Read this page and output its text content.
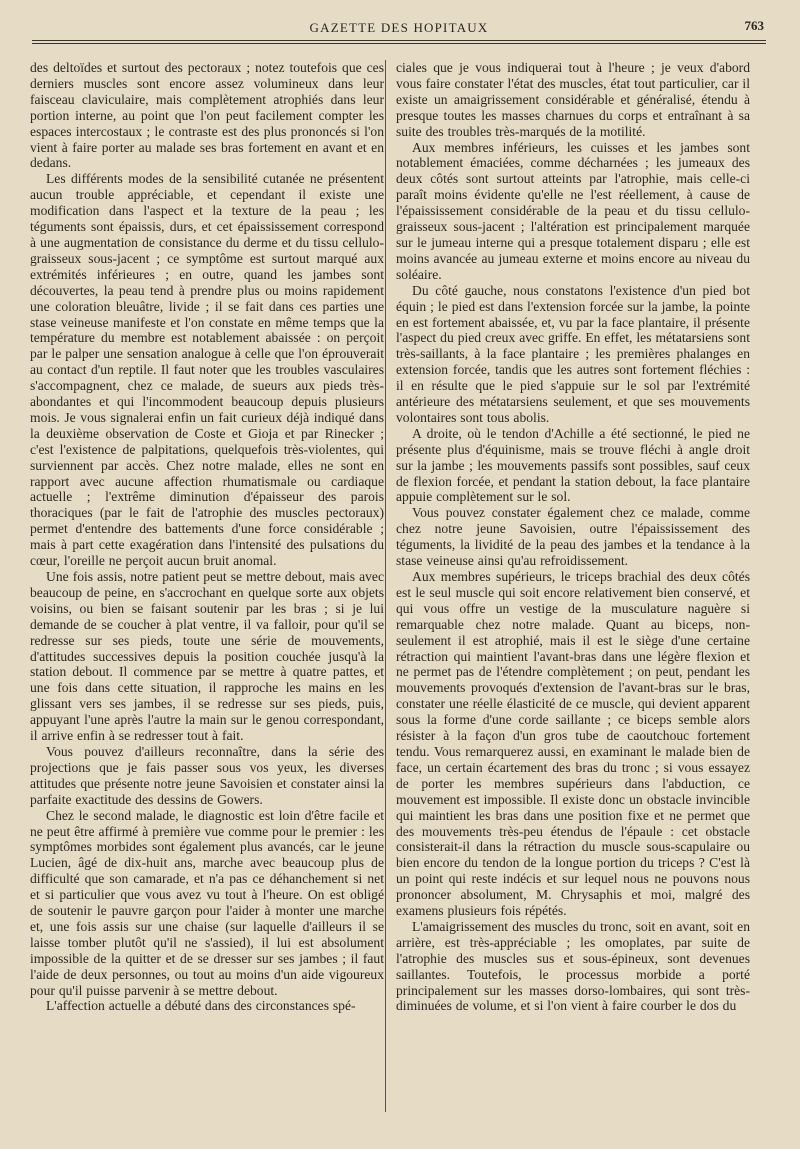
GAZETTE DES HOPITAUX	763

des deltoïdes et surtout des pectoraux ; notez toutefois que ces derniers muscles sont encore assez volumineux dans leur faisceau claviculaire, mais complètement atrophiés dans leur portion interne, au point que l'on peut facilement compter les espaces intercostaux ; le contraste est des plus prononcés si l'on vient à faire porter au malade ses bras fortement en avant et en dedans.

Les différents modes de la sensibilité cutanée ne présentent aucun trouble appréciable, et cependant il existe une modification dans l'aspect et la texture de la peau ; les téguments sont épaissis, durs, et cet épaississement correspond à une augmentation de consistance du derme et du tissu cellulo-graisseux sous-jacent ; ce symptôme est surtout marqué aux extrémités inférieures ; en outre, quand les jambes sont découvertes, la peau tend à prendre plus ou moins rapidement une coloration bleuâtre, livide ; il se fait dans ces parties une stase veineuse manifeste et l'on constate en même temps que la température du membre est notablement abaissée : on perçoit par le palper une sensation analogue à celle que l'on éprouverait au contact d'un reptile. Il faut noter que les troubles vasculaires s'accompagnent, chez ce malade, de sueurs aux pieds très-abondantes et qui l'incommodent beaucoup depuis plusieurs mois. Je vous signalerai enfin un fait curieux déjà indiqué dans la deuxième observation de Coste et Gioja et par Rinecker ; c'est l'existence de palpitations, quelquefois très-violentes, qui surviennent par accès. Chez notre malade, elles ne sont en rapport avec aucune affection rhumatismale ou cardiaque actuelle ; l'extrême diminution d'épaisseur des parois thoraciques (par le fait de l'atrophie des muscles pectoraux) permet d'entendre des battements d'une force considérable ; mais à part cette exagération dans l'intensité des pulsations du cœur, l'oreille ne perçoit aucun bruit anomal.

Une fois assis, notre patient peut se mettre debout, mais avec beaucoup de peine, en s'accrochant en quelque sorte aux objets voisins, ou bien se faisant soutenir par les bras ; si je lui demande de se coucher à plat ventre, il va falloir, pour qu'il se redresse sur ses pieds, toute une série de mouvements, d'attitudes successives depuis la position couchée jusqu'à la station debout. Il commence par se mettre à quatre pattes, et une fois dans cette situation, il rapproche les mains en les glissant vers ses jambes, il se redresse sur ses pieds, puis, appuyant l'une après l'autre la main sur le genou correspondant, il arrive enfin à se redresser tout à fait.

Vous pouvez d'ailleurs reconnaître, dans la série des projections que je fais passer sous vos yeux, les diverses attitudes que présente notre jeune Savoisien et constater ainsi la parfaite exactitude des dessins de Gowers.

Chez le second malade, le diagnostic est loin d'être facile et ne peut être affirmé à première vue comme pour le premier : les symptômes morbides sont également plus avancés, car le jeune Lucien, âgé de dix-huit ans, marche avec beaucoup plus de difficulté que son camarade, et n'a pas ce déhanchement si net et si particulier que vous avez vu tout à l'heure. On est obligé de soutenir le pauvre garçon pour l'aider à monter une marche et, une fois assis sur une chaise (sur laquelle d'ailleurs il se laisse tomber plutôt qu'il ne s'assied), il lui est absolument impossible de la quitter et de se dresser sur ses jambes ; il faut l'aide de deux personnes, ou tout au moins d'un aide vigoureux pour qu'il puisse parvenir à se mettre debout.

L'affection actuelle a débuté dans des circonstances spé-

ciales que je vous indiquerai tout à l'heure ; je veux d'abord vous faire constater l'état des muscles, état tout particulier, car il existe un amaigrissement considérable et généralisé, étendu à presque toutes les masses charnues du corps et entraînant à sa suite des troubles très-marqués de la motilité.

Aux membres inférieurs, les cuisses et les jambes sont notablement émaciées, comme décharnées ; les jumeaux des deux côtés sont surtout atteints par l'atrophie, mais celle-ci paraît moins évidente qu'elle ne l'est réellement, à cause de l'épaississement considérable de la peau et du tissu cellulo-graisseux sous-jacent ; l'altération est principalement marquée sur le jumeau interne qui a presque totalement disparu ; elle est moins avancée au jumeau externe et moins encore au niveau du soléaire.

Du côté gauche, nous constatons l'existence d'un pied bot équin ; le pied est dans l'extension forcée sur la jambe, la pointe en est fortement abaissée, et, vu par la face plantaire, il présente l'aspect du pied creux avec griffe. En effet, les métatarsiens sont très-saillants, à la face plantaire ; les premières phalanges en extension forcée, tandis que les autres sont fortement fléchies : il en résulte que le pied s'appuie sur le sol par l'extrémité antérieure des métatarsiens seulement, et que ses mouvements volontaires sont tous abolis.

A droite, où le tendon d'Achille a été sectionné, le pied ne présente plus d'équinisme, mais se trouve fléchi à angle droit sur la jambe ; les mouvements passifs sont possibles, sauf ceux de flexion forcée, et pendant la station debout, la face plantaire appuie complètement sur le sol.

Vous pouvez constater également chez ce malade, comme chez notre jeune Savoisien, outre l'épaississement des téguments, la lividité de la peau des jambes et la tendance à la stase veineuse ainsi qu'au refroidissement.

Aux membres supérieurs, le triceps brachial des deux côtés est le seul muscle qui soit encore relativement bien conservé, et qui vous offre un vestige de la musculature naguère si remarquable chez notre malade. Quant au biceps, non-seulement il est atrophié, mais il est le siège d'une certaine rétraction qui maintient l'avant-bras dans une légère flexion et ne permet pas de l'étendre complètement ; on peut, pendant les mouvements provoqués d'extension de l'avant-bras sur le bras, constater une réelle élasticité de ce muscle, qui devient apparent sous la forme d'une corde saillante ; ce biceps semble alors résister à la façon d'un gros tube de caoutchouc fortement tendu. Vous remarquerez aussi, en examinant le malade bien de face, un certain écartement des bras du tronc ; si vous essayez de porter les membres supérieurs dans l'abduction, ce mouvement est impossible. Il existe donc un obstacle invincible qui maintient les bras dans une position fixe et ne permet que des mouvements très-peu étendus de l'épaule : cet obstacle consisterait-il dans la rétraction du muscle sous-scapulaire ou bien encore du tendon de la longue portion du triceps ? C'est là un point qui reste indécis et sur lequel nous ne pouvons nous prononcer absolument, M. Chrysaphis et moi, malgré des examens plusieurs fois répétés.

L'amaigrissement des muscles du tronc, soit en avant, soit en arrière, est très-appréciable ; les omoplates, par suite de l'atrophie des muscles sus et sous-épineux, sont devenues saillantes. Toutefois, le processus morbide a porté principalement sur les masses dorso-lombaires, qui sont très-diminuées de volume, et si l'on vient à faire courber le dos du
